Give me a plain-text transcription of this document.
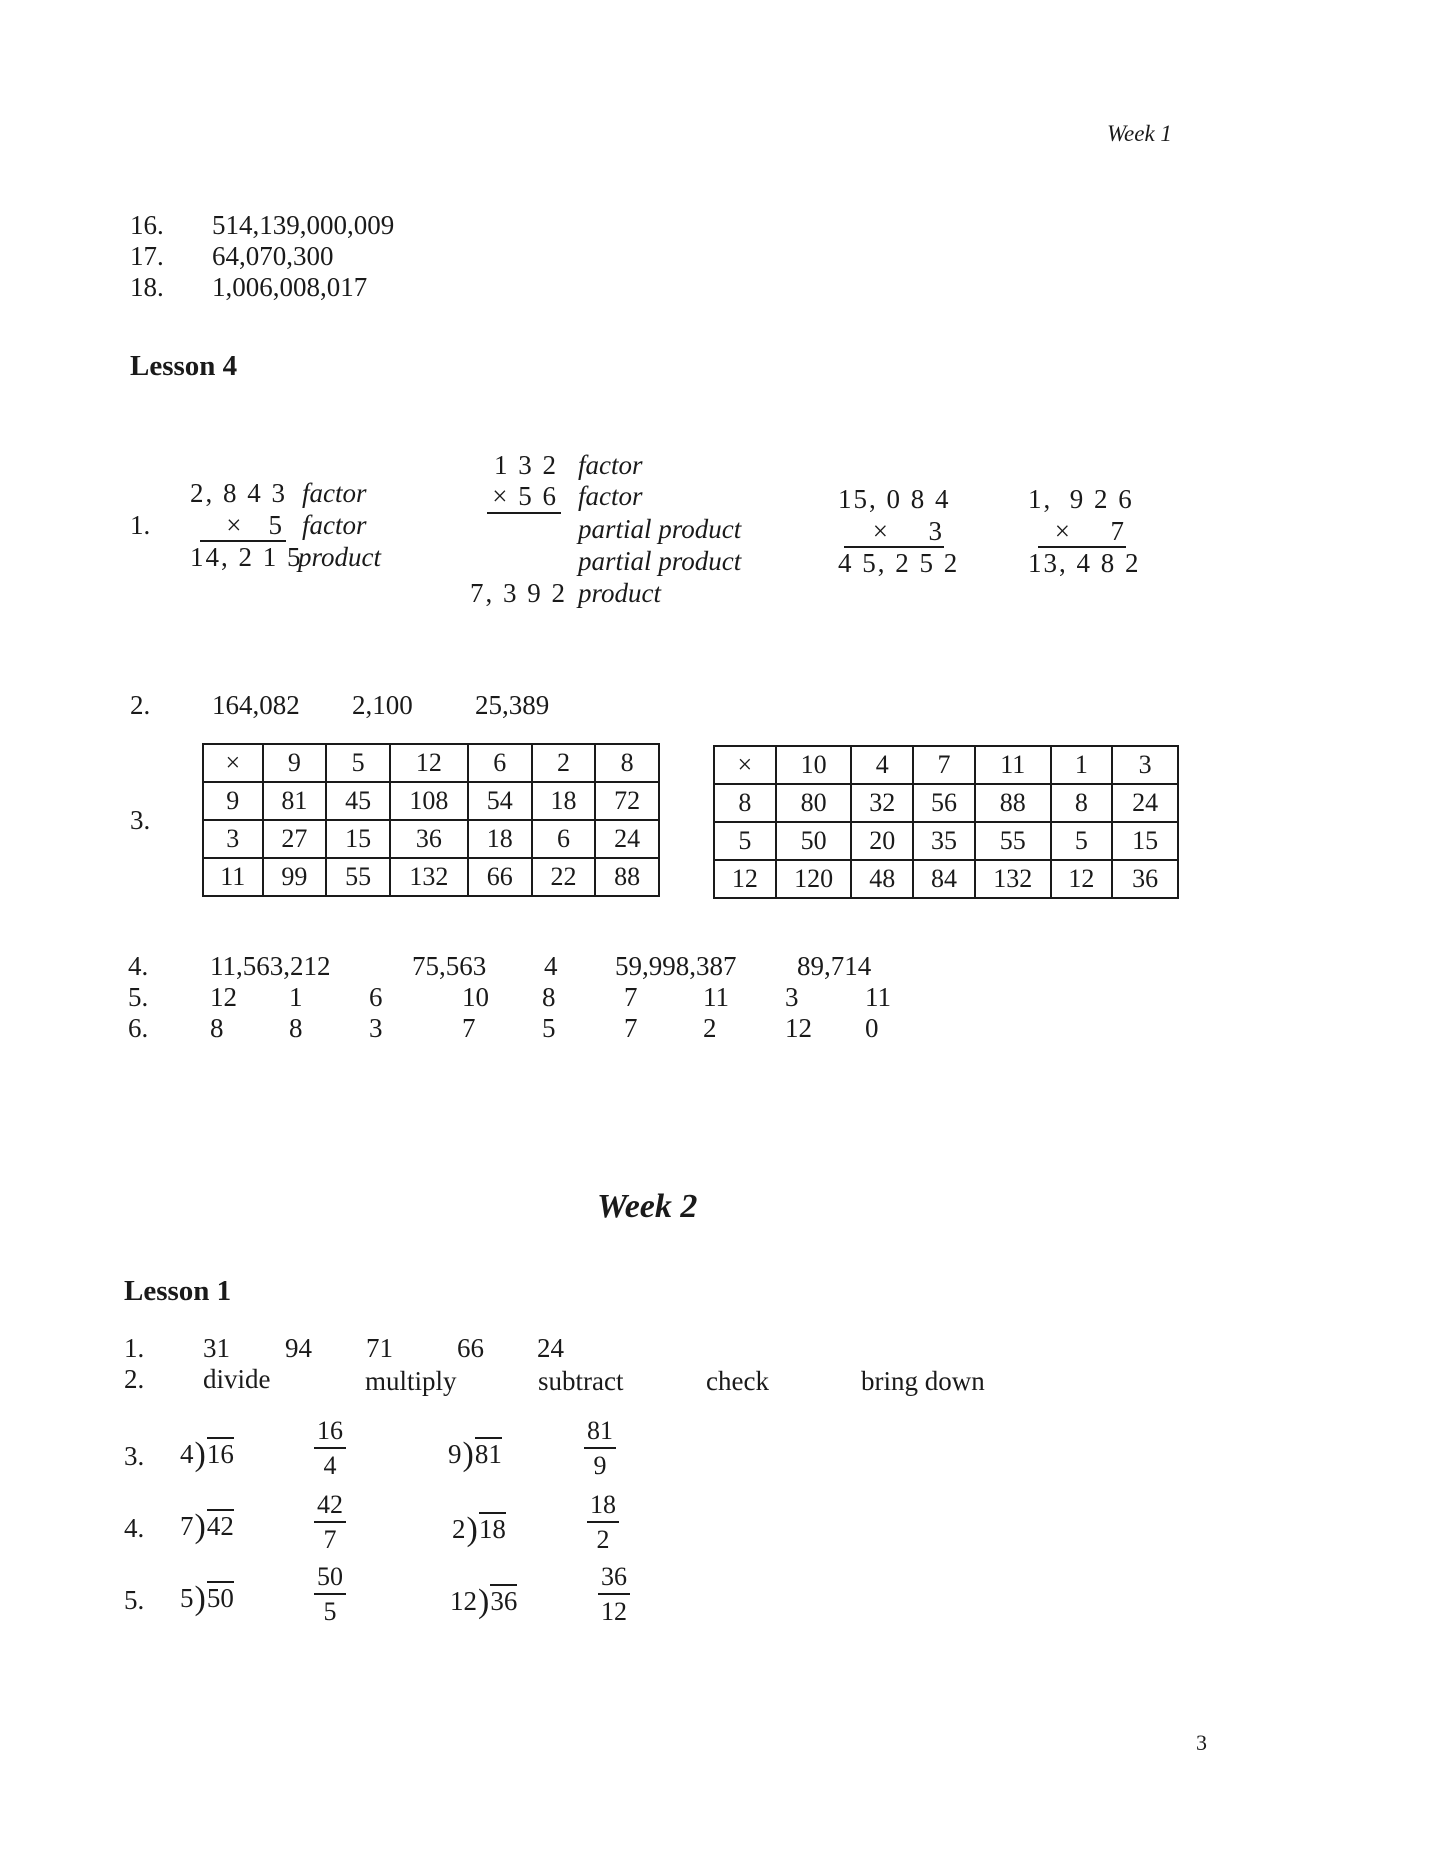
Week 1
16. 514,139,000,009
17. 64,070,300
18. 1,006,008,017
Lesson 4
1.
2, 8 4 3 factor
×    5 factor
14, 2 1 5
product
1 3 2 factor
× 5 6 factor
partial product
partial product
7, 3 9 2 product
15, 0 8 4
×      3
4 5, 2 5 2
1,  9 2 6
×      7
13, 4 8 2
2. 164,082 2,100 25,389
3.
×	9	5	12	6	2	8
9	81	45	108	54	18	72
3	27	15	36	18	6	24
11	99	55	132	66	22	88
×	10	4	7	11	1	3
8	80	32	56	88	8	24
5	50	20	35	55	5	15
12	120	48	84	132	12	36
4. 11,563,212	75,563 4 59,998,387 89,714
5. 12 1 6	10 8	7 11 3 11
6. 8 8 3	7 5	7 2	12 0
Week 2
Lesson 1
1. 31 94 71 66 24
2. divide	multiply	subtract	check	bring down
3. 4)16	$\frac{16}{4}$	9)81	$\frac{81}{9}$
4. 7)42	$\frac{42}{7}$	2)18	$\frac{18}{2}$
5. 5)50	$\frac{50}{5}$	12)36	$\frac{36}{12}$
3
